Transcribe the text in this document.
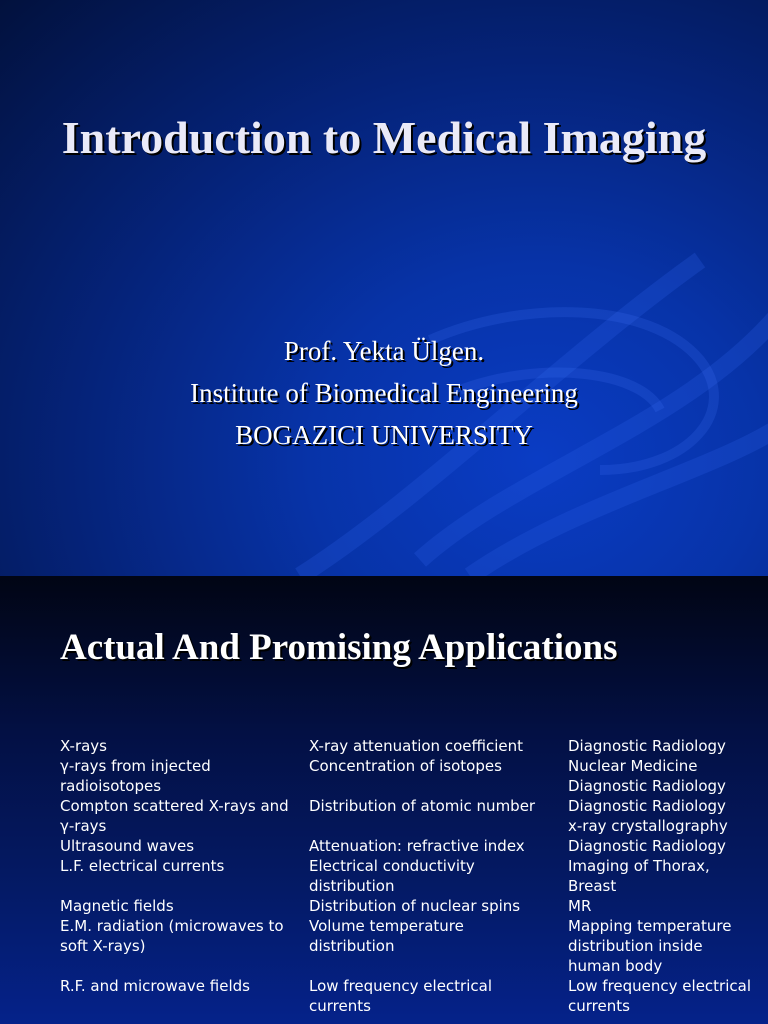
Introduction to Medical Imaging
Prof. Yekta Ülgen.
Institute of Biomedical Engineering
BOGAZICI UNIVERSITY
Actual And Promising Applications
X-rays
γ-rays from injected
radioisotopes
Compton scattered X-rays and
γ-rays
Ultrasound waves
L.F. electrical currents

Magnetic fields
E.M. radiation (microwaves to
soft X-rays)

R.F. and microwave fields
X-ray attenuation coefficient
Concentration of isotopes

Distribution of atomic number

Attenuation: refractive index
Electrical conductivity
distribution
Distribution of nuclear spins
Volume temperature
distribution

Low frequency electrical
currents
Diagnostic Radiology
Nuclear Medicine
Diagnostic Radiology
Diagnostic Radiology
x-ray crystallography
Diagnostic Radiology
Imaging of Thorax,
Breast
MR
Mapping temperature
distribution inside
human body
Low frequency electrical
currents
